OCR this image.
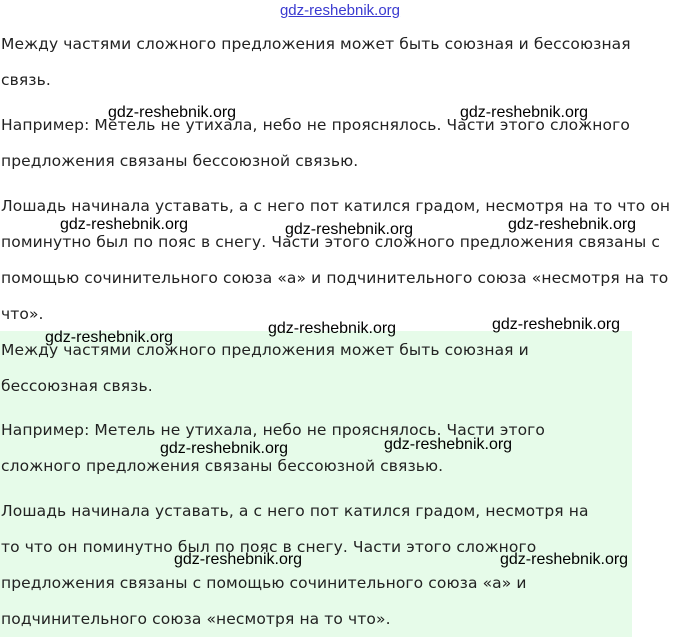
gdz-reshebnik.org

Между частями сложного предложения может быть союзная и бессоюзная связь.

Например: Метель не утихала, небо не прояснялось. Части этого сложного предложения связаны бессоюзной связью.

Лошадь начинала уставать, а с него пот катился градом, несмотря на то что он поминутно был по пояс в снегу. Части этого сложного предложения связаны с помощью сочинительного союза «а» и подчинительного союза «несмотря на то что».

Между частями сложного предложения может быть союзная и бессоюзная связь.

Например: Метель не утихала, небо не прояснялось. Части этого сложного предложения связаны бессоюзной связью.

Лошадь начинала уставать, а с него пот катился градом, несмотря на то что он поминутно был по пояс в снегу. Части этого сложного предложения связаны с помощью сочинительного союза «а» и подчинительного союза «несмотря на то что».

gdz-reshebnik.org	gdz-reshebnik.org
gdz-reshebnik.org	gdz-reshebnik.org	gdz-reshebnik.org
gdz-reshebnik.org
gdz-reshebnik.org	gdz-reshebnik.org
gdz-reshebnik.org	gdz-reshebnik.org
gdz-reshebnik.org	gdz-reshebnik.org
